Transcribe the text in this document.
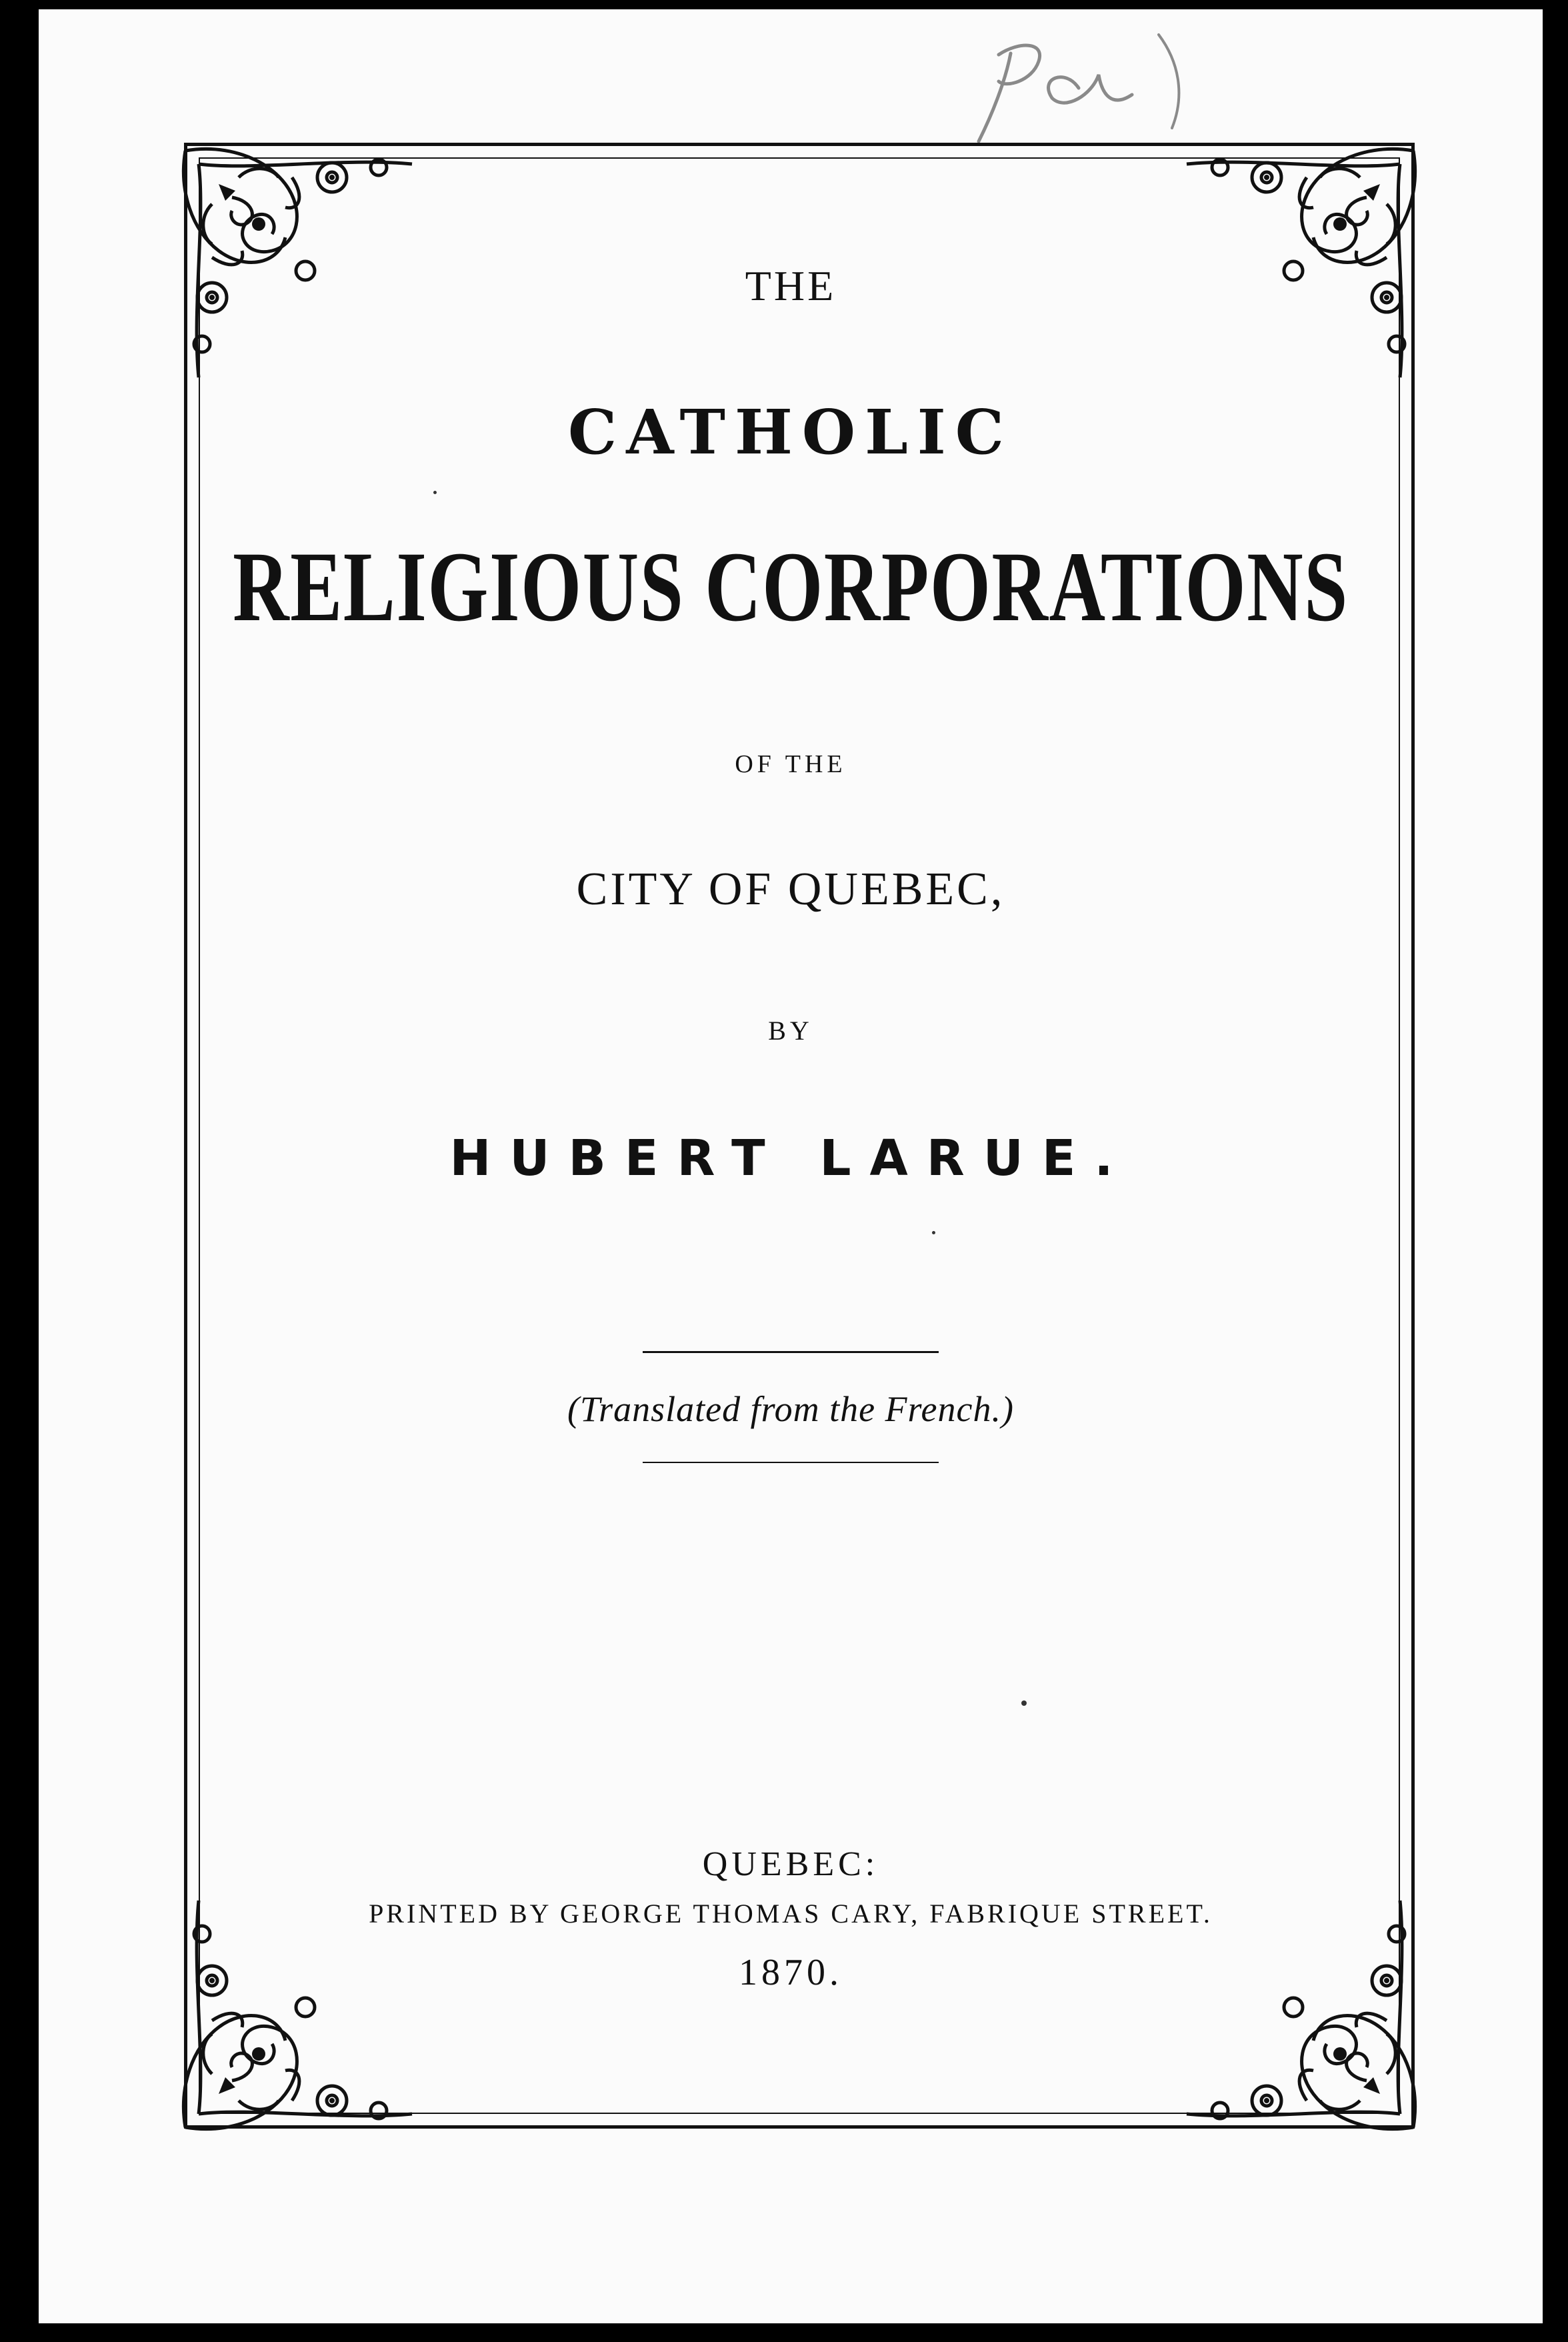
THE
CATHOLIC
RELIGIOUS CORPORATIONS
OF THE
CITY OF QUEBEC,
BY
HUBERT LARUE.
(Translated from the French.)
QUEBEC:
PRINTED BY GEORGE THOMAS CARY, FABRIQUE STREET.
1870.
